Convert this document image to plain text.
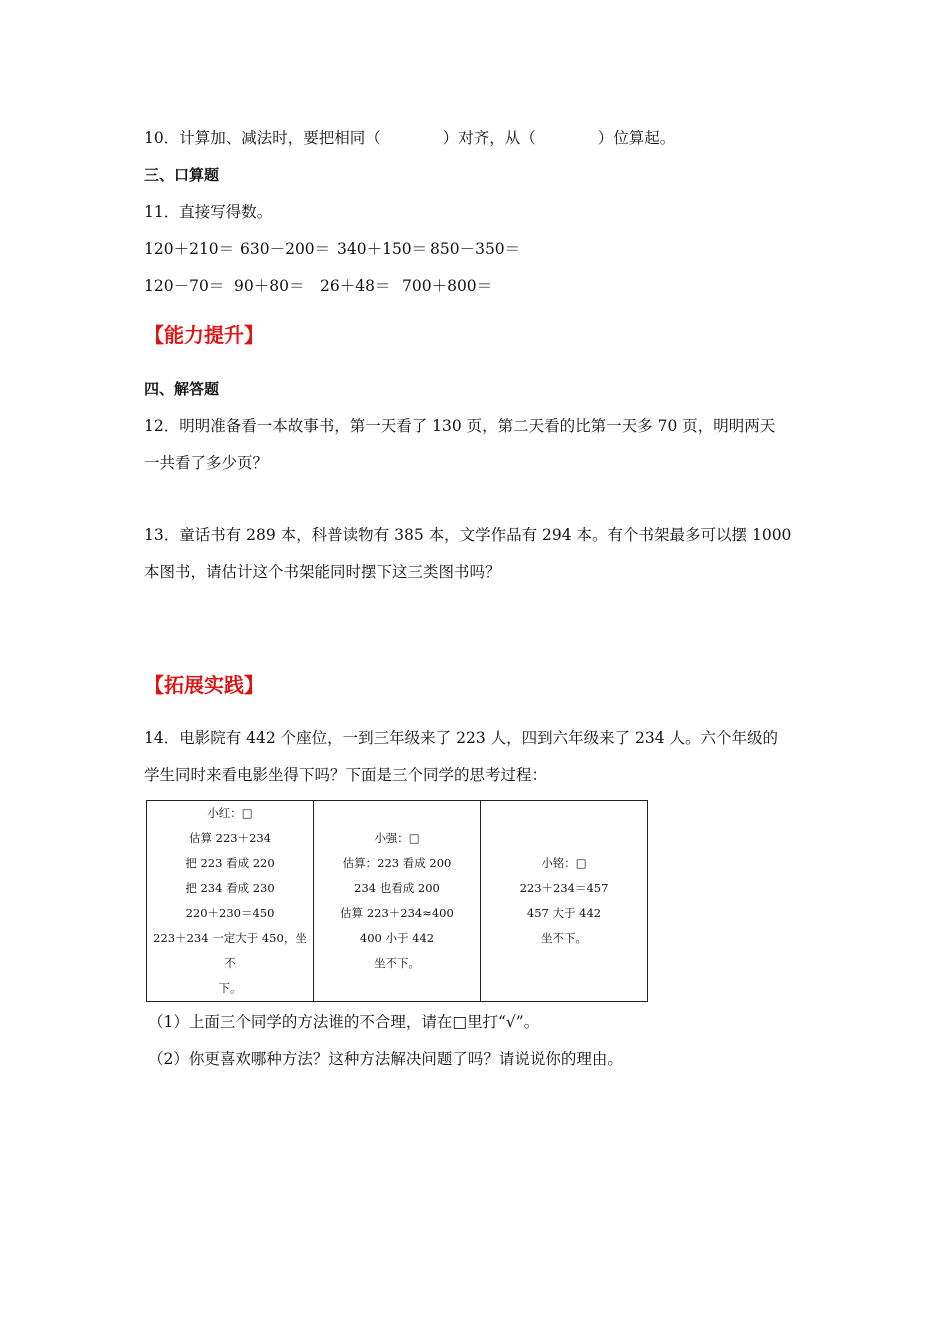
10．计算加、减法时，要把相同（	）对齐，从（	）位算起。
三、口算题
11．直接写得数。
120＋210＝ 630－200＝ 340＋150＝ 850－350＝
120－70＝ 90＋80＝ 26＋48＝ 700＋800＝
【能力提升】
四、解答题
12．明明准备看一本故事书，第一天看了 130 页，第二天看的比第一天多 70 页，明明两天
一共看了多少页？
13．童话书有 289 本，科普读物有 385 本，文学作品有 294 本。有个书架最多可以摆 1000
本图书，请估计这个书架能同时摆下这三类图书吗？
【拓展实践】
14．电影院有 442 个座位，一到三年级来了 223 人，四到六年级来了 234 人。六个年级的
学生同时来看电影坐得下吗？下面是三个同学的思考过程：
小红：□
估算 223＋234
把 223 看成 220
把 234 看成 230
220＋230＝450
223＋234 一定大于 450，坐不
下。

小强：□
估算：223 看成 200
234 也看成 200
估算 223＋234≈400
400 小于 442
坐不下。

小铭：□
223＋234＝457
457 大于 442
坐不下。
（1）上面三个同学的方法谁的不合理，请在□里打“√”。
（2）你更喜欢哪种方法？这种方法解决问题了吗？请说说你的理由。
